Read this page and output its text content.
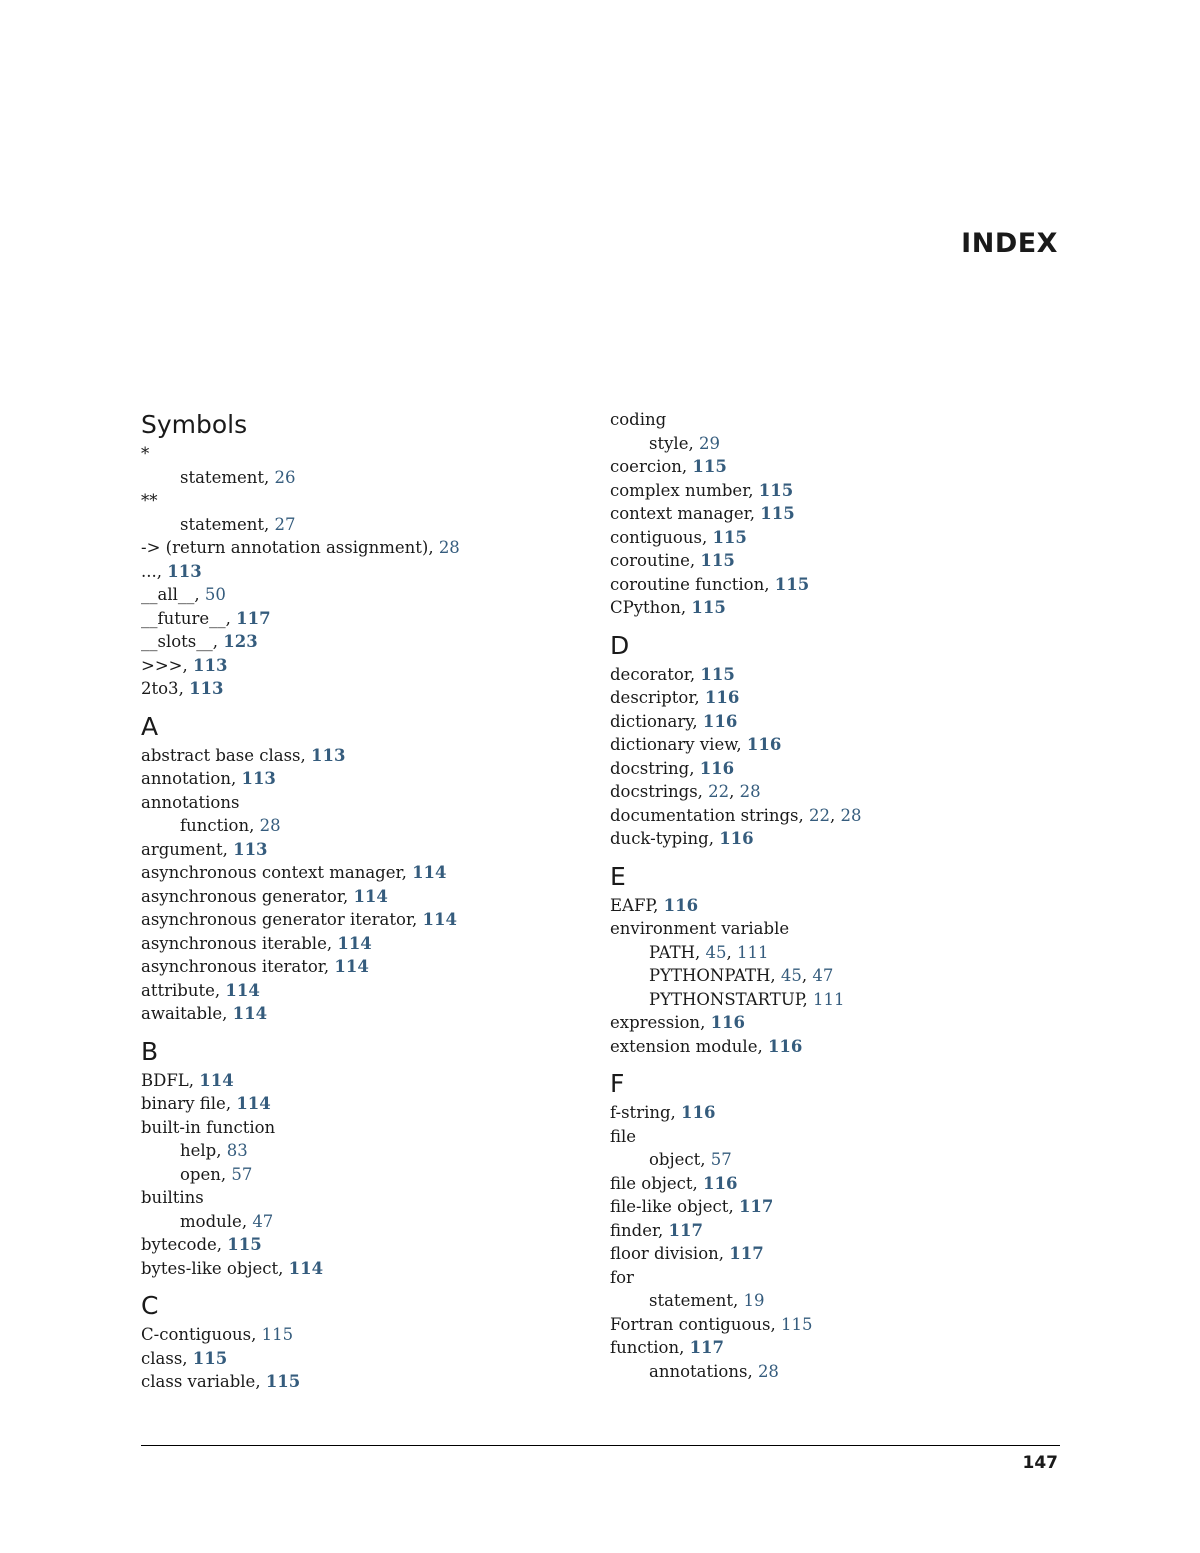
INDEX
Symbols
*
statement, 26
**
statement, 27
-> (return annotation assignment), 28
..., 113
__all__, 50
__future__, 117
__slots__, 123
>>>, 113
2to3, 113
A
abstract base class, 113
annotation, 113
annotations
function, 28
argument, 113
asynchronous context manager, 114
asynchronous generator, 114
asynchronous generator iterator, 114
asynchronous iterable, 114
asynchronous iterator, 114
attribute, 114
awaitable, 114
B
BDFL, 114
binary file, 114
built-in function
help, 83
open, 57
builtins
module, 47
bytecode, 115
bytes-like object, 114
C
C-contiguous, 115
class, 115
class variable, 115
coding
style, 29
coercion, 115
complex number, 115
context manager, 115
contiguous, 115
coroutine, 115
coroutine function, 115
CPython, 115
D
decorator, 115
descriptor, 116
dictionary, 116
dictionary view, 116
docstring, 116
docstrings, 22, 28
documentation strings, 22, 28
duck-typing, 116
E
EAFP, 116
environment variable
PATH, 45, 111
PYTHONPATH, 45, 47
PYTHONSTARTUP, 111
expression, 116
extension module, 116
F
f-string, 116
file
object, 57
file object, 116
file-like object, 117
finder, 117
floor division, 117
for
statement, 19
Fortran contiguous, 115
function, 117
annotations, 28
147
